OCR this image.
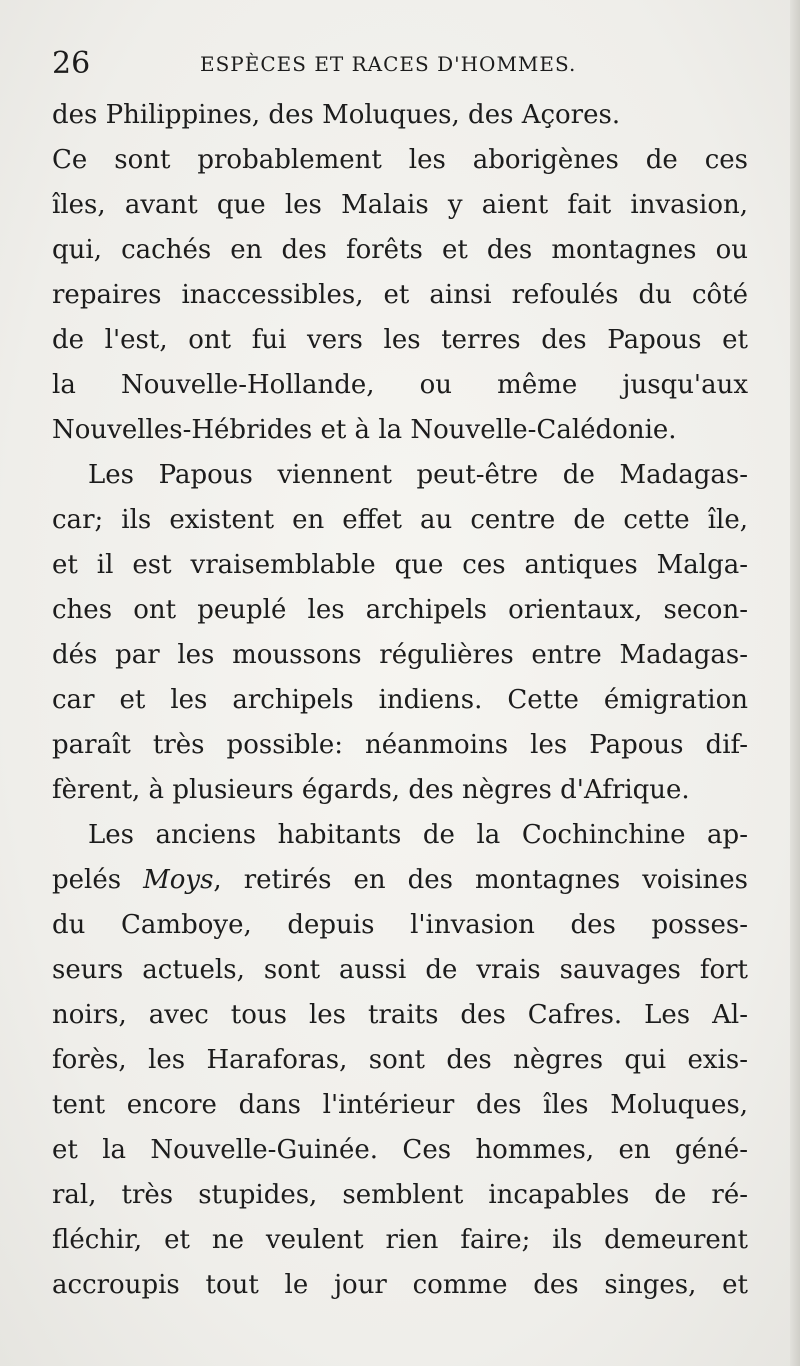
26	ESPÈCES ET RACES D'HOMMES.
des Philippines, des Moluques, des Açores.
Ce sont probablement les aborigènes de ces
îles, avant que les Malais y aient fait invasion,
qui, cachés en des forêts et des montagnes ou
repaires inaccessibles, et ainsi refoulés du côté
de l'est, ont fui vers les terres des Papous et
la Nouvelle-Hollande, ou même jusqu'aux
Nouvelles-Hébrides et à la Nouvelle-Calédonie.
Les Papous viennent peut-être de Madagas-
car; ils existent en effet au centre de cette île,
et il est vraisemblable que ces antiques Malga-
ches ont peuplé les archipels orientaux, secon-
dés par les moussons régulières entre Madagas-
car et les archipels indiens. Cette émigration
paraît très possible: néanmoins les Papous dif-
fèrent, à plusieurs égards, des nègres d'Afrique.
Les anciens habitants de la Cochinchine ap-
pelés Moys, retirés en des montagnes voisines
du Camboye, depuis l'invasion des posses-
seurs actuels, sont aussi de vrais sauvages fort
noirs, avec tous les traits des Cafres. Les Al-
forès, les Haraforas, sont des nègres qui exis-
tent encore dans l'intérieur des îles Moluques,
et la Nouvelle-Guinée. Ces hommes, en géné-
ral, très stupides, semblent incapables de ré-
fléchir, et ne veulent rien faire; ils demeurent
accroupis tout le jour comme des singes, et
